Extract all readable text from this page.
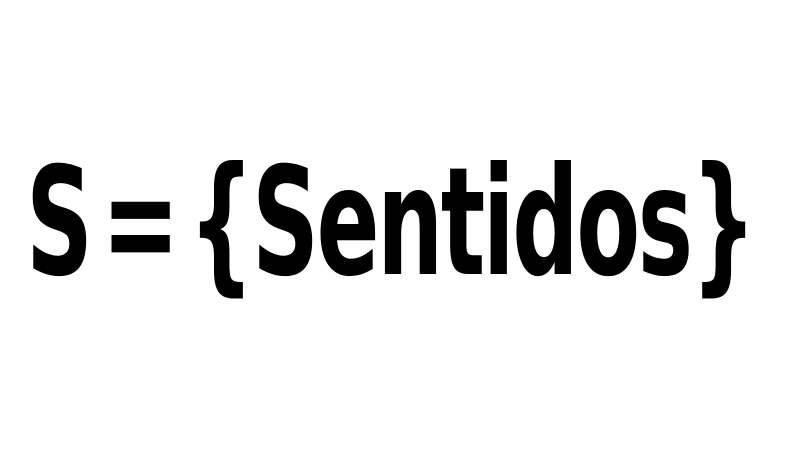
S={Sentidos}
